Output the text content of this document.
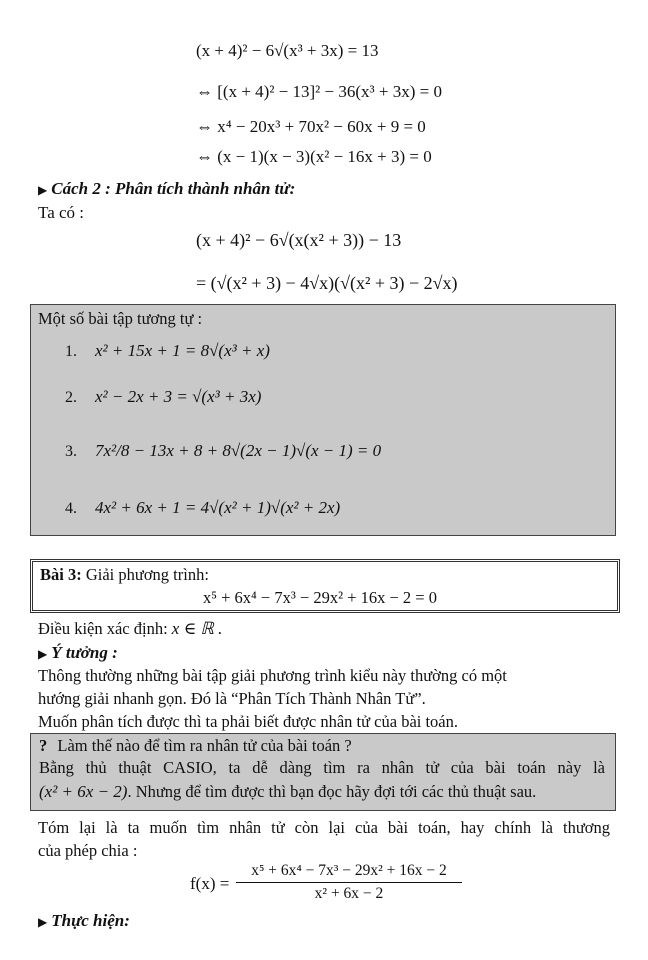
(x + 4)² − 6√(x³ + 3x) = 13
⇔ [(x + 4)² − 13]² − 36(x³ + 3x) = 0
⇔ x⁴ − 20x³ + 70x² − 60x + 9 = 0
⇔ (x − 1)(x − 3)(x² − 16x + 3) = 0
▶ Cách 2 : Phân tích thành nhân tử:
Ta có :
(x + 4)² − 6√(x(x² + 3)) − 13
= (√(x² + 3) − 4√x)(√(x² + 3) − 2√x)
Một số bài tập tương tự :
1. x² + 15x + 1 = 8√(x³ + x)
2. x² − 2x + 3 = √(x³ + 3x)
3. 7x²/8 − 13x + 8 + 8√(2x − 1)√(x − 1) = 0
4. 4x² + 6x + 1 = 4√(x² + 1)√(x² + 2x)
Bài 3: Giải phương trình:
x⁵ + 6x⁴ − 7x³ − 29x² + 16x − 2 = 0
Điều kiện xác định: x ∈ ℝ .
▶ Ý tưởng :
Thông thường những bài tập giải phương trình kiểu này thường có một
hướng giải nhanh gọn. Đó là “Phân Tích Thành Nhân Tử”.
Muốn phân tích được thì ta phải biết được nhân tử của bài toán.
? Làm thế nào để tìm ra nhân tử của bài toán ?
Bằng thủ thuật CASIO, ta dễ dàng tìm ra nhân tử của bài toán này là
(x² + 6x − 2). Nhưng để tìm được thì bạn đọc hãy đợi tới các thủ thuật sau.
Tóm lại là ta muốn tìm nhân tử còn lại của bài toán, hay chính là thương
của phép chia :
$f(x) = \frac{\text{x⁵ + 6x⁴ − 7x³ − 29x² + 16x − 2}}{\text{x² + 6x − 2}}$
▶ Thực hiện:
